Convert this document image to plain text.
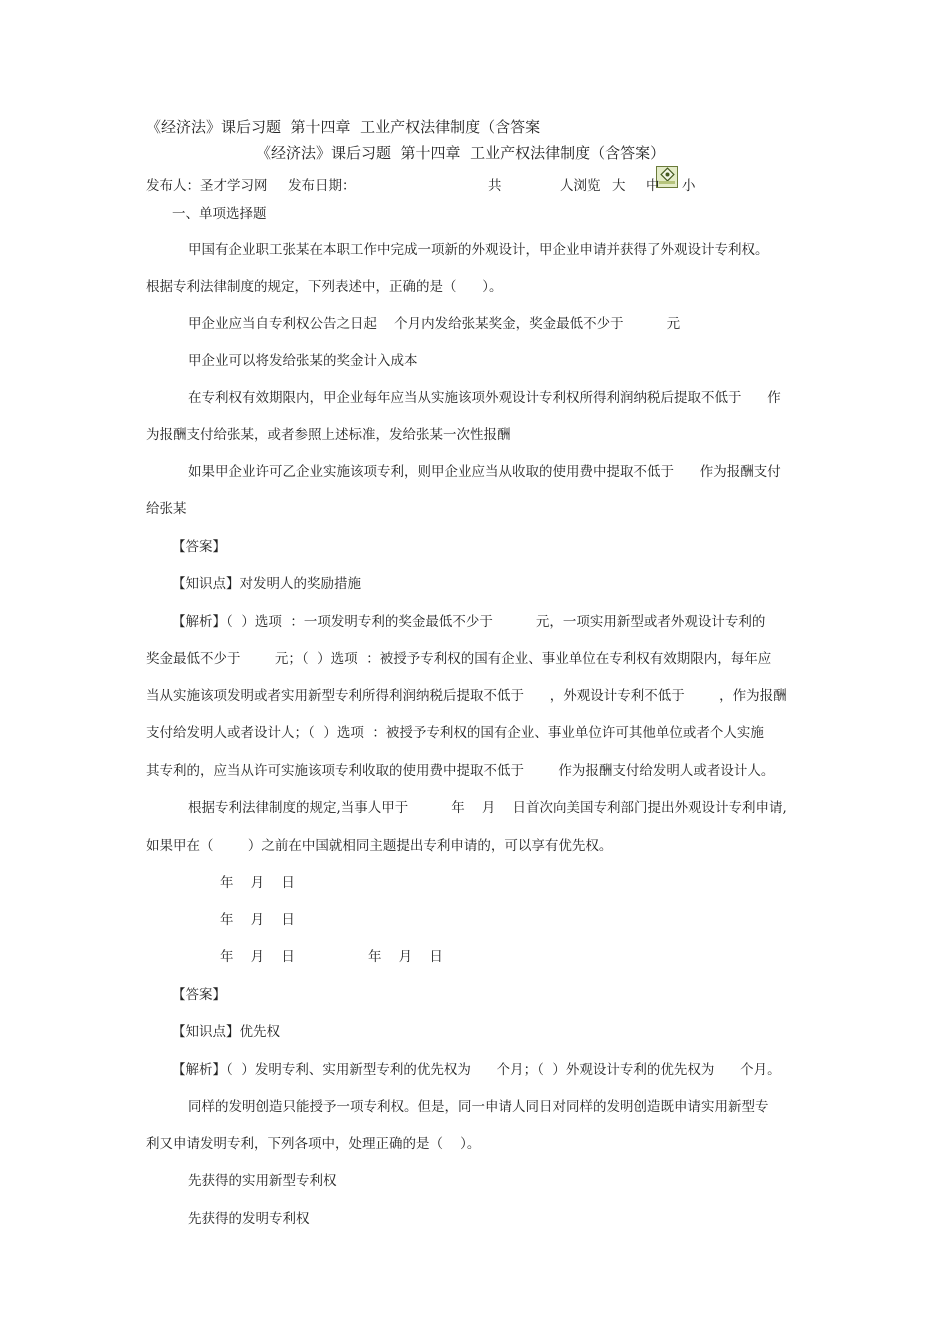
《经济法》课后习题  第十四章  工业产权法律制度（含答案
《经济法》课后习题  第十四章  工业产权法律制度（含答案）
发布人：圣才学习网 发布日期：	共	人浏览 大 中 小
一、单项选择题
甲国有企业职工张某在本职工作中完成一项新的外观设计，甲企业申请并获得了外观设计专利权。
根据专利法律制度的规定，下列表述中，正确的是（      ）。
甲企业应当自专利权公告之日起    个月内发给张某奖金，奖金最低不少于          元
甲企业可以将发给张某的奖金计入成本
在专利权有效期限内，甲企业每年应当从实施该项外观设计专利权所得利润纳税后提取不低于      作
为报酬支付给张某，或者参照上述标准，发给张某一次性报酬
如果甲企业许可乙企业实施该项专利，则甲企业应当从收取的使用费中提取不低于      作为报酬支付
给张某
【答案】
【知识点】对发明人的奖励措施
【解析】（  ）选项  ：一项发明专利的奖金最低不少于          元，一项实用新型或者外观设计专利的
奖金最低不少于        元；（  ）选项  ：被授予专利权的国有企业、事业单位在专利权有效期限内，每年应
当从实施该项发明或者实用新型专利所得利润纳税后提取不低于      ，外观设计专利不低于        ，作为报酬
支付给发明人或者设计人；（  ）选项  ：被授予专利权的国有企业、事业单位许可其他单位或者个人实施
其专利的，应当从许可实施该项专利收取的使用费中提取不低于        作为报酬支付给发明人或者设计人。
根据专利法律制度的规定,当事人甲于          年    月    日首次向美国专利部门提出外观设计专利申请,
如果甲在（        ）之前在中国就相同主题提出专利申请的，可以享有优先权。
年    月    日
年    月    日
年    月    日	年    月    日
【答案】
【知识点】优先权
【解析】（  ）发明专利、实用新型专利的优先权为      个月；（  ）外观设计专利的优先权为      个月。
同样的发明创造只能授予一项专利权。但是，同一申请人同日对同样的发明创造既申请实用新型专
利又申请发明专利，下列各项中，处理正确的是（    ）。
先获得的实用新型专利权
先获得的发明专利权
